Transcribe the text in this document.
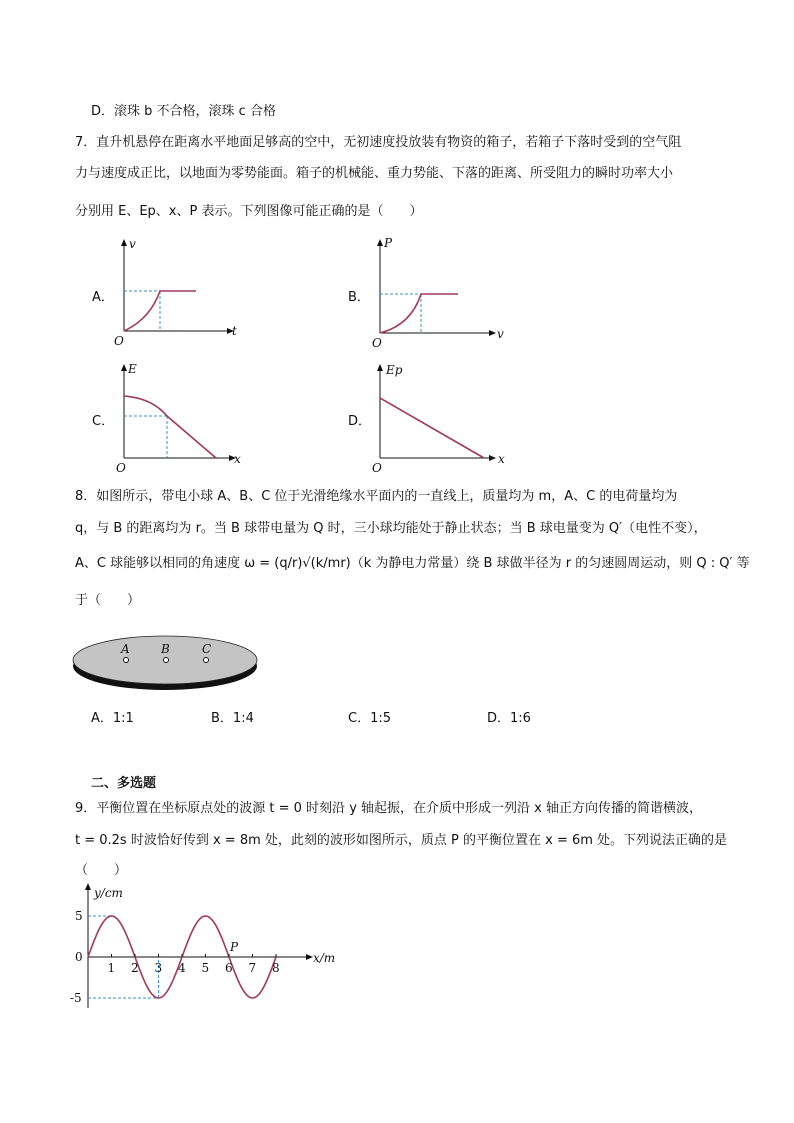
D．滚珠 b 不合格，滚珠 c 合格
7．直升机悬停在距离水平地面足够高的空中，无初速度投放装有物资的箱子，若箱子下落时受到的空气阻
力与速度成正比，以地面为零势能面。箱子的机械能、重力势能、下落的距离、所受阻力的瞬时功率大小
分别用 E、Ep、x、P 表示。下列图像可能正确的是（　　）
A．
v
t
O
B．
P
v
O
C．
E
x
O
D．
Ep
x
O
8．如图所示，带电小球 A、B、C 位于光滑绝缘水平面内的一直线上，质量均为 m，A、C 的电荷量均为
q，与 B 的距离均为 r。当 B 球带电量为 Q 时，三小球均能处于静止状态；当 B 球电量变为 Q′（电性不变），
A、C 球能够以相同的角速度 ω = (q/r)√(k/mr)（k 为静电力常量）绕 B 球做半径为 r 的匀速圆周运动，则 Q : Q′ 等
于（　　）
A	B	C
A．1:1	B．1:4	C．1:5	D．1:6
二、多选题
9．平衡位置在坐标原点处的波源 t = 0 时刻沿 y 轴起振，在介质中形成一列沿 x 轴正方向传播的简谐横波，
t = 0.2s 时波恰好传到 x = 8m 处，此刻的波形如图所示，质点 P 的平衡位置在 x = 6m 处。下列说法正确的是
（　　）
y/cm
x/m
1 2 3 4 5 6 7 8
5
0
-5
P
